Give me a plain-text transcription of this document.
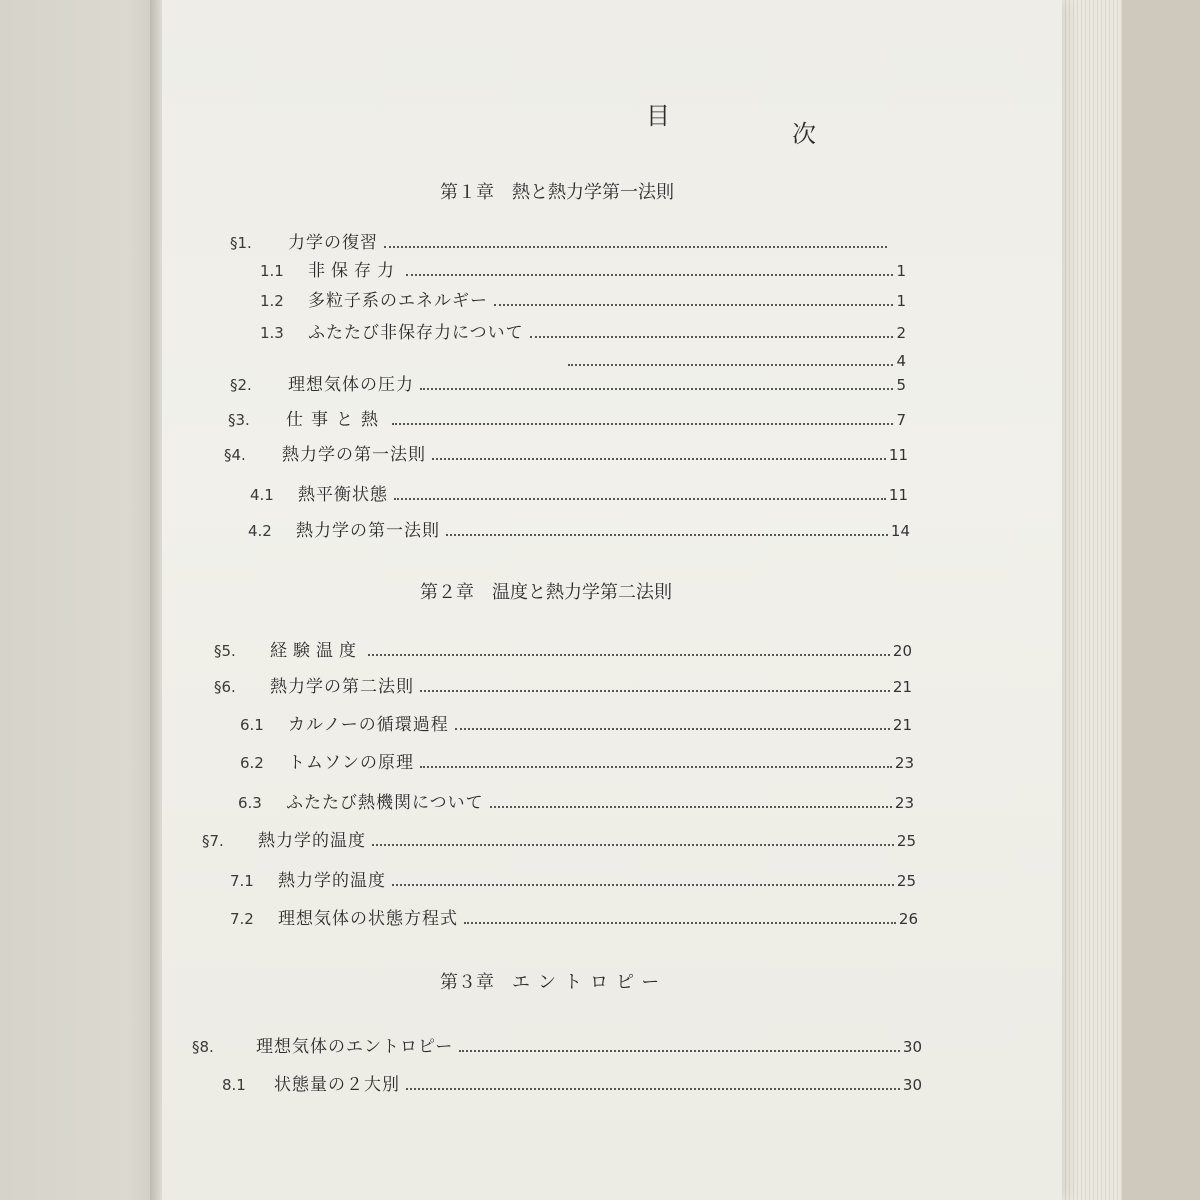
目
次
第１章 熱と熱力学第一法則
§1.	力学の復習
1.1	非保存力	1
1.2	多粒子系のエネルギー	1
1.3	ふたたび非保存力について	2
4
§2.	理想気体の圧力	5
§3.	仕事と熱	7
§4.	熱力学の第一法則	11
4.1	熱平衡状態	11
4.2	熱力学の第一法則	14
第２章 温度と熱力学第二法則
§5.	経験温度	20
§6.	熱力学の第二法則	21
6.1	カルノーの循環過程	21
6.2	トムソンの原理	23
6.3	ふたたび熱機関について	23
§7.	熱力学的温度	25
7.1	熱力学的温度	25
7.2	理想気体の状態方程式	26
第３章 エントロピー
§8.	理想気体のエントロピー	30
8.1	状態量の２大別	30
